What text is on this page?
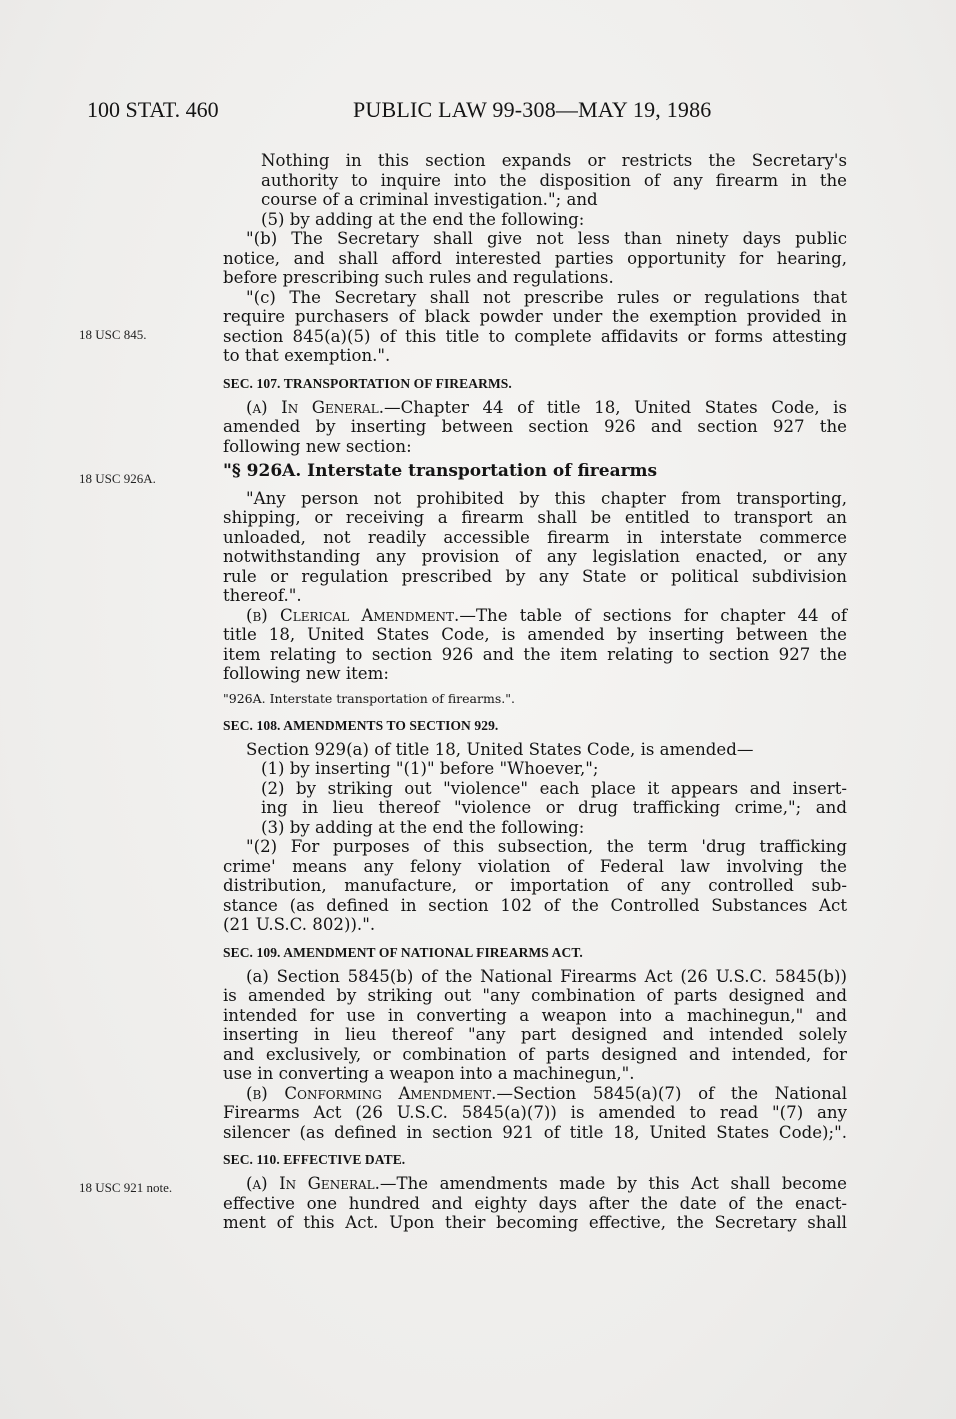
100 STAT. 460	PUBLIC LAW 99-308—MAY 19, 1986
18 USC 845.
18 USC 926A.
18 USC 921 note.
Nothing in this section expands or restricts the Secretary's
authority to inquire into the disposition of any firearm in the
course of a criminal investigation."; and
(5) by adding at the end the following:
"(b) The Secretary shall give not less than ninety days public
notice, and shall afford interested parties opportunity for hearing,
before prescribing such rules and regulations.
"(c) The Secretary shall not prescribe rules or regulations that
require purchasers of black powder under the exemption provided in
section 845(a)(5) of this title to complete affidavits or forms attesting
to that exemption.".
SEC. 107. TRANSPORTATION OF FIREARMS.
(a) In General.—Chapter 44 of title 18, United States Code, is
amended by inserting between section 926 and section 927 the
following new section:
"§ 926A. Interstate transportation of firearms
"Any person not prohibited by this chapter from transporting,
shipping, or receiving a firearm shall be entitled to transport an
unloaded, not readily accessible firearm in interstate commerce
notwithstanding any provision of any legislation enacted, or any
rule or regulation prescribed by any State or political subdivision
thereof.".
(b) Clerical Amendment.—The table of sections for chapter 44 of
title 18, United States Code, is amended by inserting between the
item relating to section 926 and the item relating to section 927 the
following new item:
"926A. Interstate transportation of firearms.".
SEC. 108. AMENDMENTS TO SECTION 929.
Section 929(a) of title 18, United States Code, is amended—
(1) by inserting "(1)" before "Whoever,";
(2) by striking out "violence" each place it appears and insert-
ing in lieu thereof "violence or drug trafficking crime,"; and
(3) by adding at the end the following:
"(2) For purposes of this subsection, the term 'drug trafficking
crime' means any felony violation of Federal law involving the
distribution, manufacture, or importation of any controlled sub-
stance (as defined in section 102 of the Controlled Substances Act
(21 U.S.C. 802)).".
SEC. 109. AMENDMENT OF NATIONAL FIREARMS ACT.
(a) Section 5845(b) of the National Firearms Act (26 U.S.C. 5845(b))
is amended by striking out "any combination of parts designed and
intended for use in converting a weapon into a machinegun," and
inserting in lieu thereof "any part designed and intended solely
and exclusively, or combination of parts designed and intended, for
use in converting a weapon into a machinegun,".
(b) Conforming Amendment.—Section 5845(a)(7) of the National
Firearms Act (26 U.S.C. 5845(a)(7)) is amended to read "(7) any
silencer (as defined in section 921 of title 18, United States Code);".
SEC. 110. EFFECTIVE DATE.
(a) In General.—The amendments made by this Act shall become
effective one hundred and eighty days after the date of the enact-
ment of this Act. Upon their becoming effective, the Secretary shall
